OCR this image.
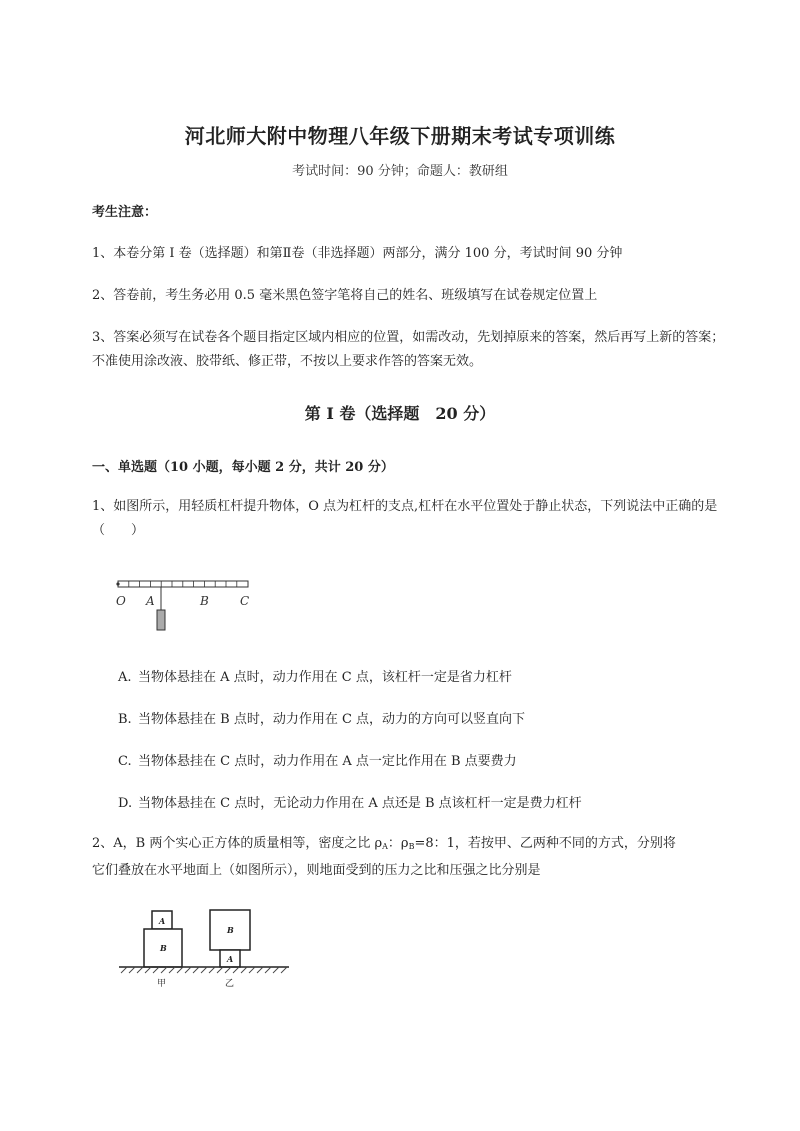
河北师大附中物理八年级下册期末考试专项训练
考试时间：90 分钟；命题人：教研组
考生注意：
1、本卷分第 I 卷（选择题）和第Ⅱ卷（非选择题）两部分，满分 100 分，考试时间 90 分钟
2、答卷前，考生务必用 0.5 毫米黑色签字笔将自己的姓名、班级填写在试卷规定位置上
3、答案必须写在试卷各个题目指定区域内相应的位置，如需改动，先划掉原来的答案，然后再写上新的答案；不准使用涂改液、胶带纸、修正带，不按以上要求作答的答案无效。
第 I 卷（选择题　20 分）
一、单选题（10 小题，每小题 2 分，共计 20 分）
1、如图所示，用轻质杠杆提升物体，O 点为杠杆的支点,杠杆在水平位置处于静止状态，下列说法中正确的是（　　）
O A	B	C
A. 当物体悬挂在 A 点时，动力作用在 C 点，该杠杆一定是省力杠杆
B. 当物体悬挂在 B 点时，动力作用在 C 点，动力的方向可以竖直向下
C. 当物体悬挂在 C 点时，动力作用在 A 点一定比作用在 B 点要费力
D. 当物体悬挂在 C 点时，无论动力作用在 A 点还是 B 点该杠杆一定是费力杠杆
2、A，B 两个实心正方体的质量相等，密度之比 $\rho_A$：$\rho_B=8$：1，若按甲、乙两种不同的方式，分别将
它们叠放在水平地面上（如图所示），则地面受到的压力之比和压强之比分别是
A
B
B
A
甲	乙
